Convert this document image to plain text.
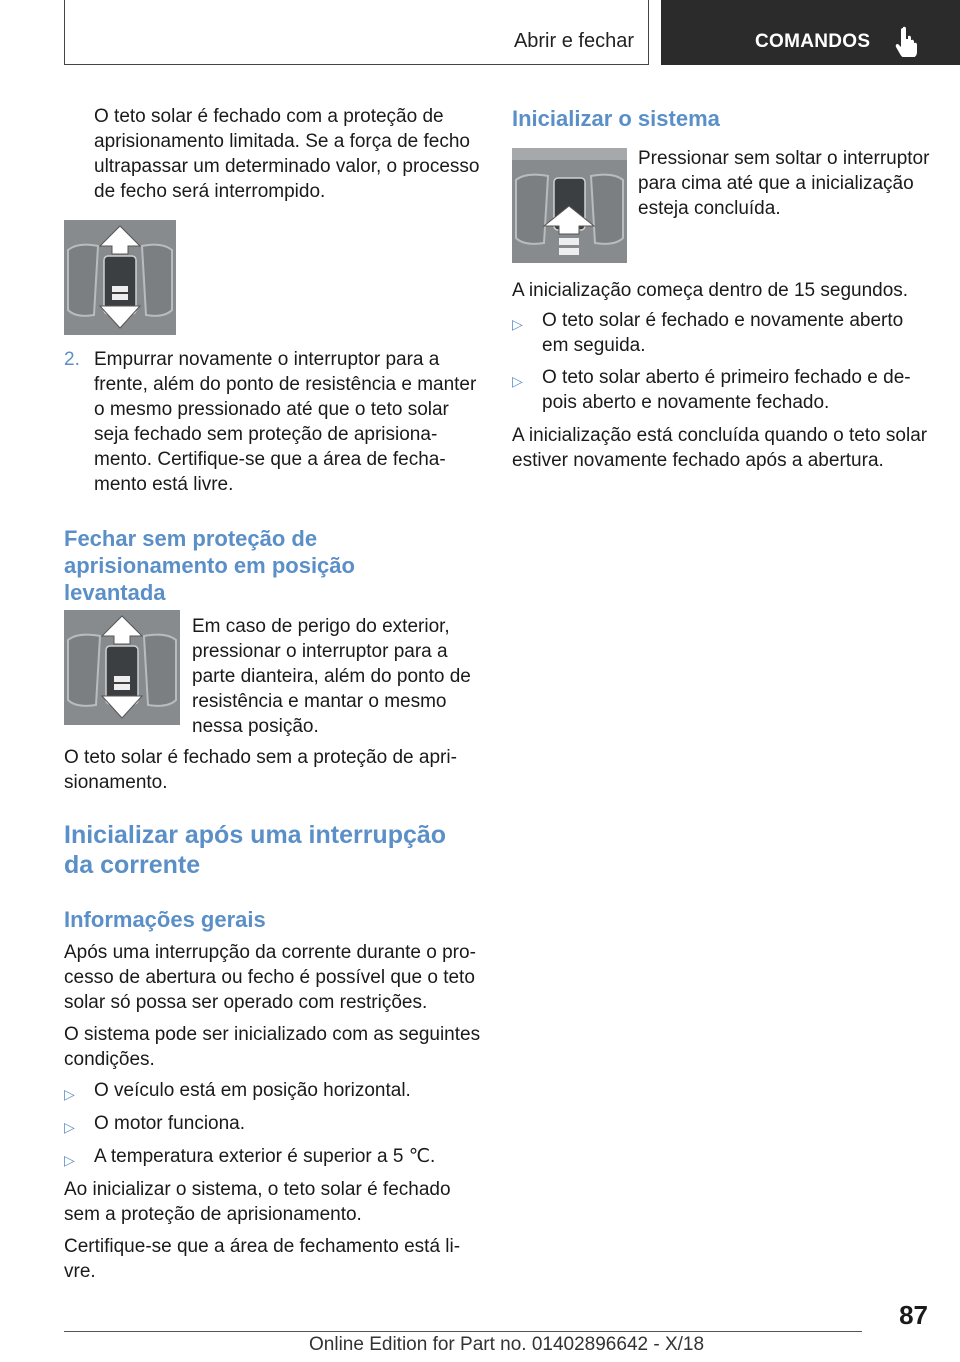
Abrir e fechar	COMANDOS
O teto solar é fechado com a proteção de aprisionamento limitada. Se a força de fecho ultrapassar um determinado valor, o processo de fecho será interrompido.
2. Empurrar novamente o interruptor para a frente, além do ponto de resistência e manter o mesmo pressionado até que o teto solar seja fechado sem proteção de aprisionamento. Certifique-se que a área de fechamento está livre.
Fechar sem proteção de aprisionamento em posição levantada
Em caso de perigo do exterior, pressionar o interruptor para a parte dianteira, além do ponto de resistência e mantar o mesmo nessa posição.
O teto solar é fechado sem a proteção de aprisionamento.
Inicializar após uma interrupção da corrente
Informações gerais
Após uma interrupção da corrente durante o processo de abertura ou fecho é possível que o teto solar só possa ser operado com restrições.
O sistema pode ser inicializado com as seguintes condições.
▷	O veículo está em posição horizontal.
▷	O motor funciona.
▷	A temperatura exterior é superior a 5 ℃.
Ao inicializar o sistema, o teto solar é fechado sem a proteção de aprisionamento.
Certifique-se que a área de fechamento está livre.
Inicializar o sistema
Pressionar sem soltar o interruptor para cima até que a inicialização esteja concluída.
A inicialização começa dentro de 15 segundos.
▷	O teto solar é fechado e novamente aberto em seguida.
▷	O teto solar aberto é primeiro fechado e depois aberto e novamente fechado.
A inicialização está concluída quando o teto solar estiver novamente fechado após a abertura.
87
Online Edition for Part no. 01402896642 - X/18
